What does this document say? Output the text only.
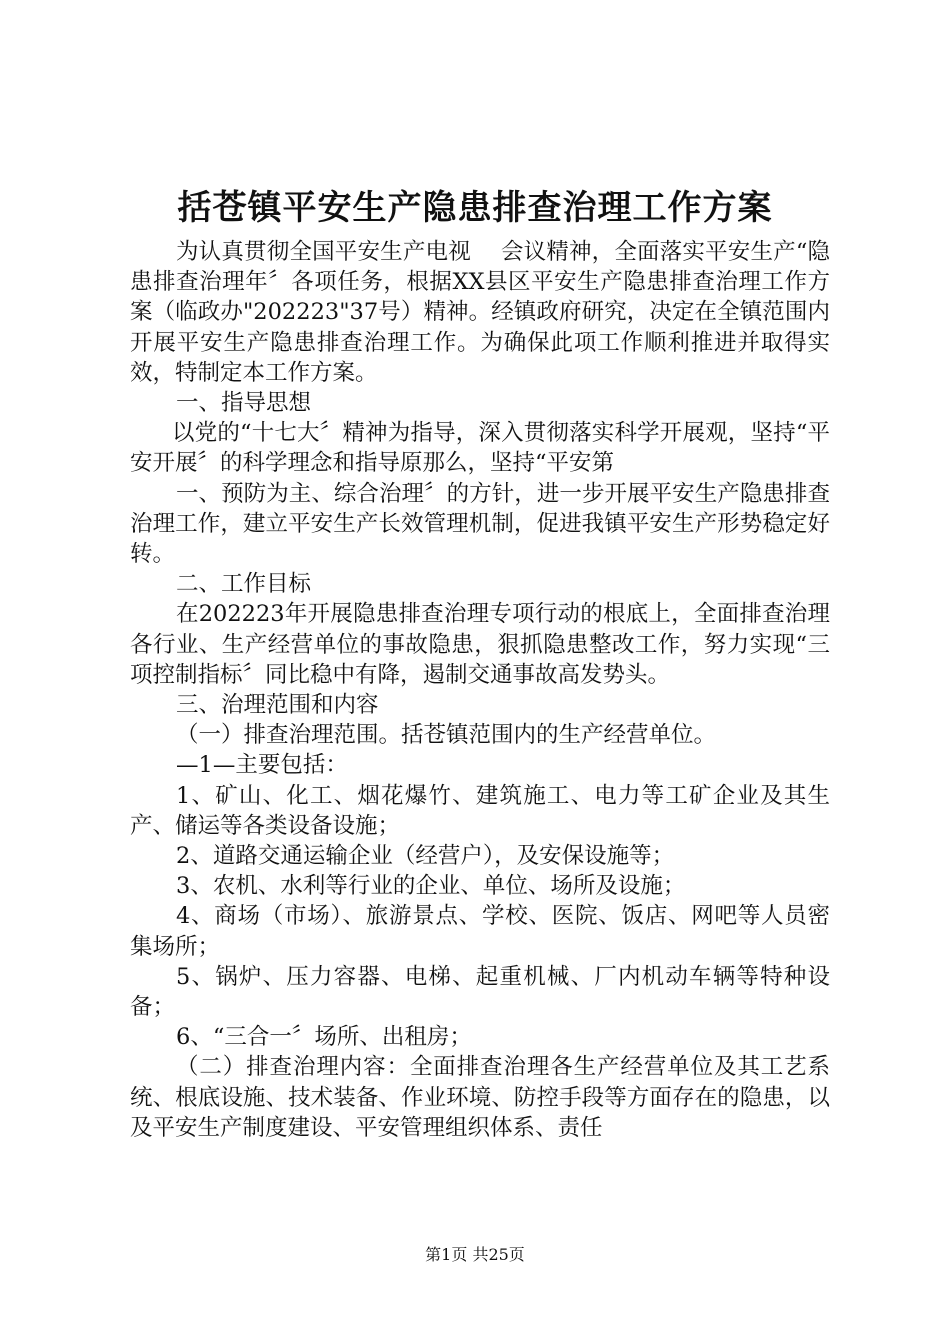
括苍镇平安生产隐患排查治理工作方案

为认真贯彻全国平安生产电视　 会议精神，全面落实平安生产“隐患排查治理年〞各项任务，根据XX县区平安生产隐患排查治理工作方案（临政办"202223"37号）精神。经镇政府研究，决定在全镇范围内开展平安生产隐患排查治理工作。为确保此项工作顺利推进并取得实效，特制定本工作方案。

一、指导思想

以党的“十七大〞精神为指导，深入贯彻落实科学开展观，坚持“平安开展〞的科学理念和指导原那么，坚持“平安第

一、预防为主、综合治理〞的方针，进一步开展平安生产隐患排查治理工作，建立平安生产长效管理机制，促进我镇平安生产形势稳定好转。

二、工作目标

在202223年开展隐患排查治理专项行动的根底上，全面排查治理各行业、生产经营单位的事故隐患，狠抓隐患整改工作，努力实现“三项控制指标〞同比稳中有降，遏制交通事故高发势头。

三、治理范围和内容

（一）排查治理范围。括苍镇范围内的生产经营单位。

—1—主要包括：

1、矿山、化工、烟花爆竹、建筑施工、电力等工矿企业及其生产、储运等各类设备设施；

2、道路交通运输企业（经营户），及安保设施等；

3、农机、水利等行业的企业、单位、场所及设施；

4、商场（市场）、旅游景点、学校、医院、饭店、网吧等人员密集场所；

5、锅炉、压力容器、电梯、起重机械、厂内机动车辆等特种设备；

6、“三合一〞场所、出租房；

（二）排查治理内容：全面排查治理各生产经营单位及其工艺系统、根底设施、技术装备、作业环境、防控手段等方面存在的隐患，以及平安生产制度建设、平安管理组织体系、责任

第1页 共25页
